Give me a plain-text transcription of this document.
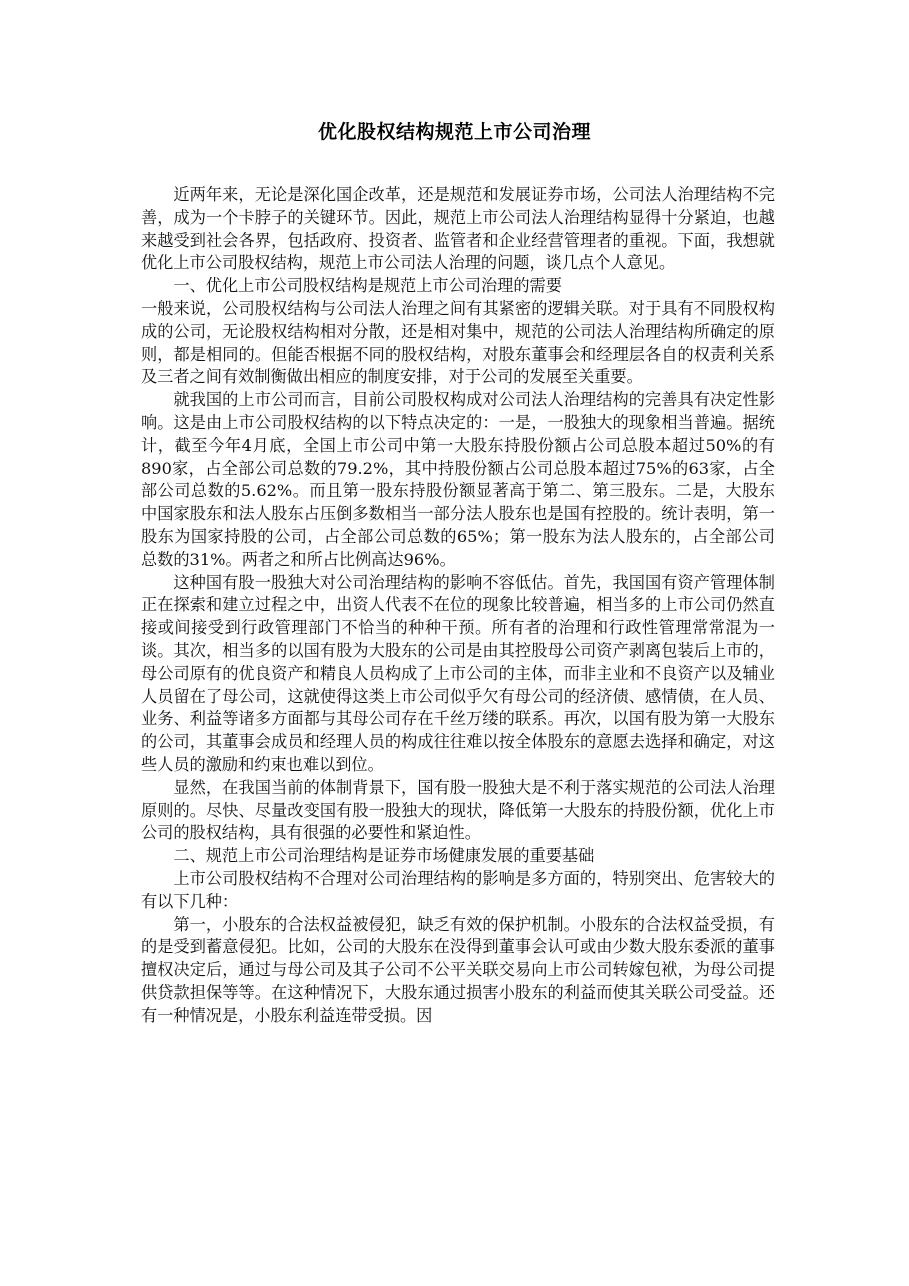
优化股权结构规范上市公司治理

近两年来，无论是深化国企改革，还是规范和发展证券市场，公司法人治理结构不完善，成为一个卡脖子的关键环节。因此，规范上市公司法人治理结构显得十分紧迫，也越来越受到社会各界，包括政府、投资者、监管者和企业经营管理者的重视。下面，我想就优化上市公司股权结构，规范上市公司法人治理的问题，谈几点个人意见。

一、优化上市公司股权结构是规范上市公司治理的需要

一般来说，公司股权结构与公司法人治理之间有其紧密的逻辑关联。对于具有不同股权构成的公司，无论股权结构相对分散，还是相对集中，规范的公司法人治理结构所确定的原则，都是相同的。但能否根据不同的股权结构，对股东董事会和经理层各自的权责利关系及三者之间有效制衡做出相应的制度安排，对于公司的发展至关重要。

就我国的上市公司而言，目前公司股权构成对公司法人治理结构的完善具有决定性影响。这是由上市公司股权结构的以下特点决定的：一是，一股独大的现象相当普遍。据统计，截至今年4月底，全国上市公司中第一大股东持股份额占公司总股本超过50%的有890家，占全部公司总数的79.2%，其中持股份额占公司总股本超过75%的63家，占全部公司总数的5.62%。而且第一股东持股份额显著高于第二、第三股东。二是，大股东中国家股东和法人股东占压倒多数相当一部分法人股东也是国有控股的。统计表明，第一股东为国家持股的公司，占全部公司总数的65%；第一股东为法人股东的，占全部公司总数的31%。两者之和所占比例高达96%。

这种国有股一股独大对公司治理结构的影响不容低估。首先，我国国有资产管理体制正在探索和建立过程之中，出资人代表不在位的现象比较普遍，相当多的上市公司仍然直接或间接受到行政管理部门不恰当的种种干预。所有者的治理和行政性管理常常混为一谈。其次，相当多的以国有股为大股东的公司是由其控股母公司资产剥离包装后上市的，母公司原有的优良资产和精良人员构成了上市公司的主体，而非主业和不良资产以及辅业人员留在了母公司，这就使得这类上市公司似乎欠有母公司的经济债、感情债，在人员、业务、利益等诸多方面都与其母公司存在千丝万缕的联系。再次，以国有股为第一大股东的公司，其董事会成员和经理人员的构成往往难以按全体股东的意愿去选择和确定，对这些人员的激励和约束也难以到位。

显然，在我国当前的体制背景下，国有股一股独大是不利于落实规范的公司法人治理原则的。尽快、尽量改变国有股一股独大的现状，降低第一大股东的持股份额，优化上市公司的股权结构，具有很强的必要性和紧迫性。

二、规范上市公司治理结构是证券市场健康发展的重要基础

上市公司股权结构不合理对公司治理结构的影响是多方面的，特别突出、危害较大的有以下几种：

第一，小股东的合法权益被侵犯，缺乏有效的保护机制。小股东的合法权益受损，有的是受到蓄意侵犯。比如，公司的大股东在没得到董事会认可或由少数大股东委派的董事擅权决定后，通过与母公司及其子公司不公平关联交易向上市公司转嫁包袱，为母公司提供贷款担保等等。在这种情况下，大股东通过损害小股东的利益而使其关联公司受益。还有一种情况是，小股东利益连带受损。因
